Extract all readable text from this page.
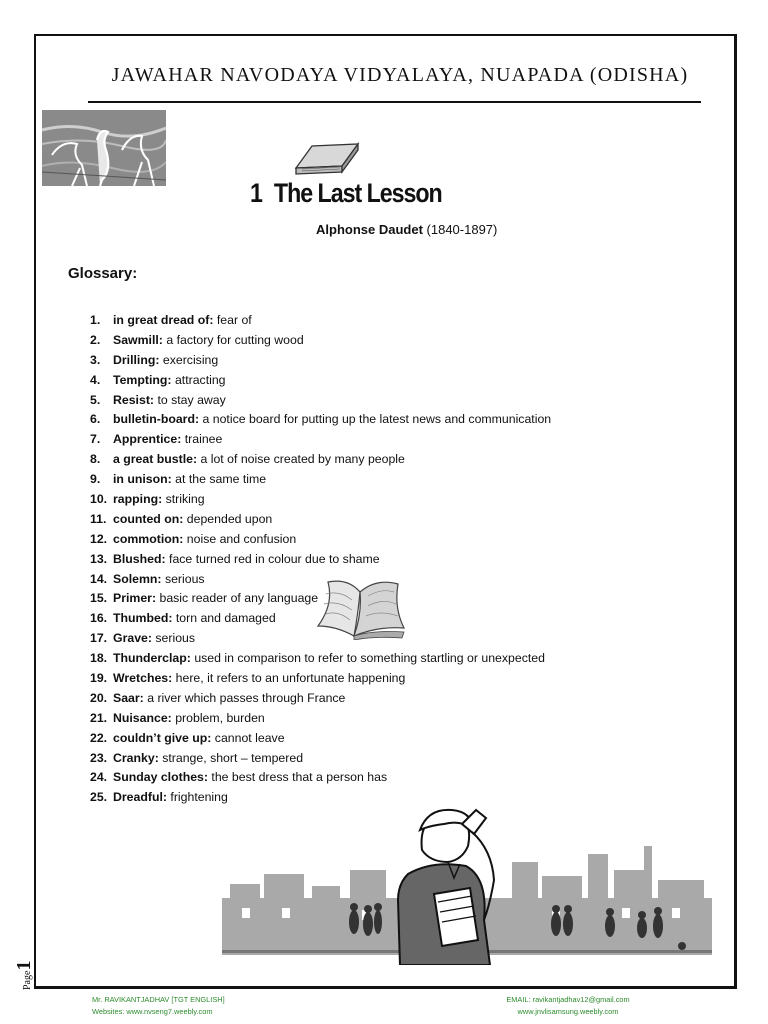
JAWAHAR NAVODAYA VIDYALAYA, NUAPADA (ODISHA)
1 The Last Lesson
Alphonse Daudet (1840-1897)
Glossary:
1. in great dread of: fear of
2. Sawmill: a factory for cutting wood
3. Drilling: exercising
4. Tempting: attracting
5. Resist: to stay away
6. bulletin-board: a notice board for putting up the latest news and communication
7. Apprentice: trainee
8. a great bustle: a lot of noise created by many people
9. in unison: at the same time
10. rapping: striking
11. counted on: depended upon
12. commotion: noise and confusion
13. Blushed: face turned red in colour due to shame
14. Solemn: serious
15. Primer: basic reader of any language
16. Thumbed: torn and damaged
17. Grave: serious
18. Thunderclap: used in comparison to refer to something startling or unexpected
19. Wretches: here, it refers to an unfortunate happening
20. Saar: a river which passes through France
21. Nuisance: problem, burden
22. couldn’t give up: cannot leave
23. Cranky: strange, short – tempered
24. Sunday clothes: the best dress that a person has
25. Dreadful: frightening
Page1
Mr. RAVIKANTJADHAV [TGT ENGLISH]
Websites: www.nvseng7.weebly.com
EMAIL: ravikantjadhav12@gmail.com
www.jnvlisamsung.weebly.com
